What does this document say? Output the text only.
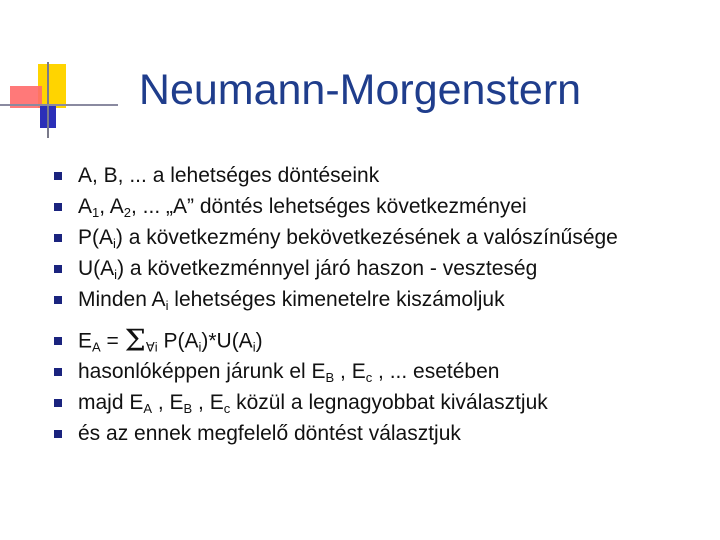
Neumann-Morgenstern
A, B, ... a lehetséges döntéseink
$A_1$, $A_2$, ... „A” döntés lehetséges következményei
$P(A_i)$ a következmény bekövetkezésének a valószínűsége
$U(A_i)$ a következménnyel járó haszon - veszteség
Minden $A_i$ lehetséges kimenetelre kiszámoljuk
$E_A = \Sigma_{\forall i}$ $P(A_i)*U(A_i)$
hasonlóképpen járunk el $E_B$ , $E_c$ , ... esetében
majd $E_A$ , $E_B$ , $E_c$ közül a legnagyobbat kiválasztjuk
és az ennek megfelelő döntést választjuk
